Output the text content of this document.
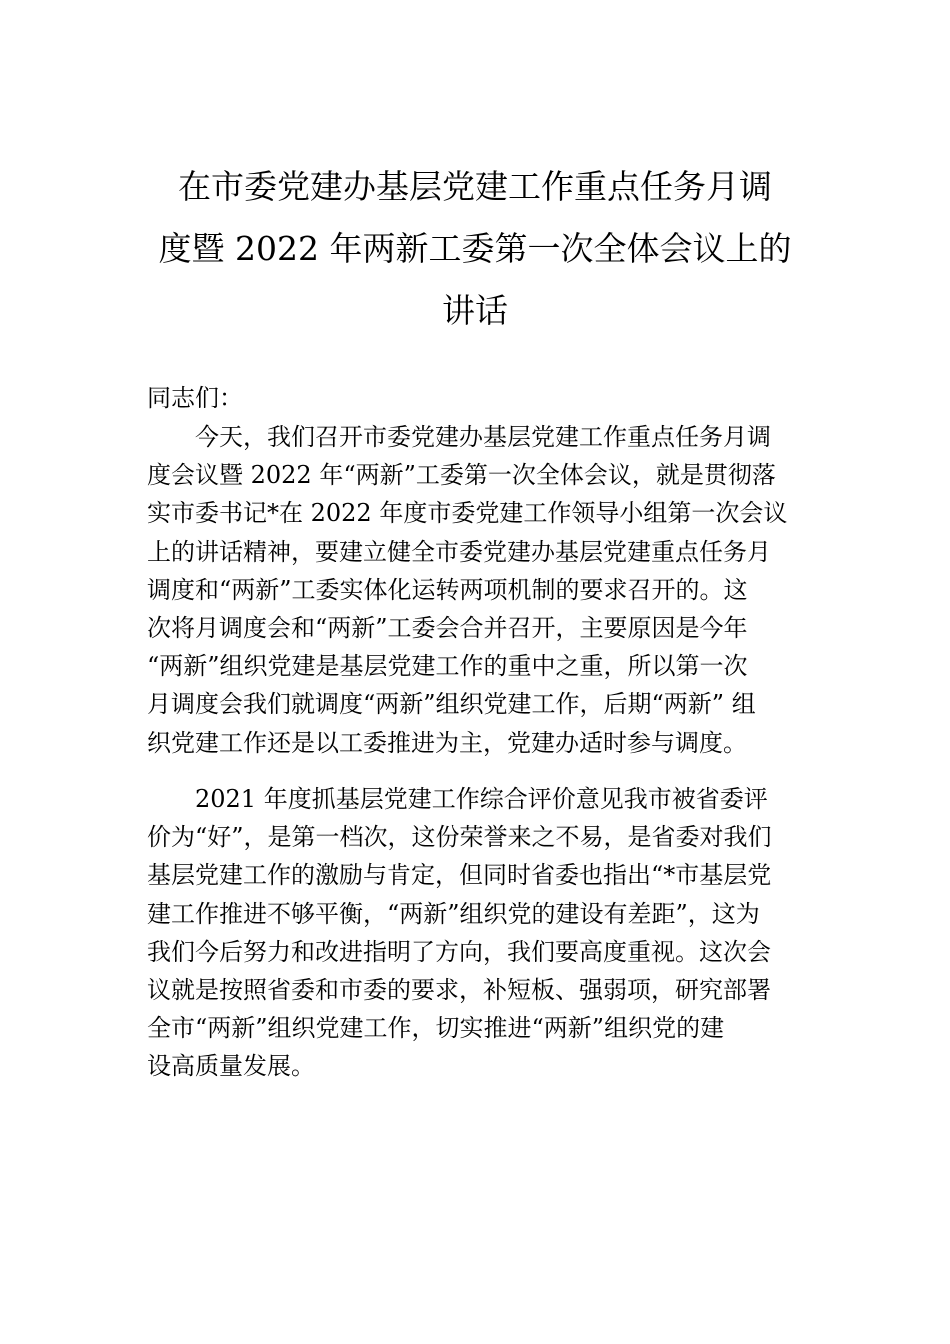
在市委党建办基层党建工作重点任务月调
度暨 2022 年两新工委第一次全体会议上的
讲话
同志们：
　　今天，我们召开市委党建办基层党建工作重点任务月调
度会议暨 2022 年“两新”工委第一次全体会议，就是贯彻落
实市委书记*在 2022 年度市委党建工作领导小组第一次会议
上的讲话精神，要建立健全市委党建办基层党建重点任务月
调度和“两新”工委实体化运转两项机制的要求召开的。这
次将月调度会和“两新”工委会合并召开，主要原因是今年
“两新”组织党建是基层党建工作的重中之重，所以第一次
月调度会我们就调度“两新”组织党建工作，后期“两新” 组
织党建工作还是以工委推进为主，党建办适时参与调度。
　　2021 年度抓基层党建工作综合评价意见我市被省委评
价为“好”，是第一档次，这份荣誉来之不易，是省委对我们
基层党建工作的激励与肯定，但同时省委也指出“*市基层党
建工作推进不够平衡，“两新”组织党的建设有差距”，这为
我们今后努力和改进指明了方向，我们要高度重视。这次会
议就是按照省委和市委的要求，补短板、强弱项，研究部署
全市“两新”组织党建工作，切实推进“两新”组织党的建
设高质量发展。
